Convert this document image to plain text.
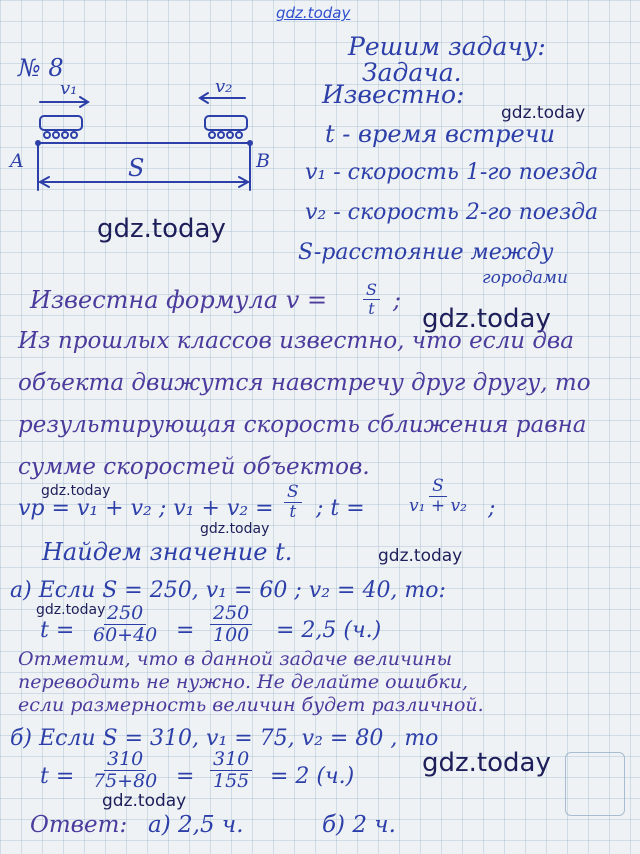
gdz.today
gdz.today
gdz.today
gdz.today
gdz.today
gdz.today
gdz.today
gdz.today
gdz.today
gdz.today
№ 8
Решим задачу:
Задача.
v₁	v₂
A	B
S
Известно:
t - время встречи
v₁ - скорость 1-го поезда
v₂ - скорость 2-го поезда
S-расстояние между
городами
Известна формула $v = \frac{S}{t}$ ;
Из прошлых классов известно, что если два
объекта движутся навстречу друг другу, то
результирующая скорость сближения равна
сумме скоростей объектов.
vр = v₁ + v₂ ; $v_1 + v_2 = \frac{S}{t}$ ; $t = \frac{S}{\text{v₁ + v₂}}$ ;
Найдем значение t.
а) Если S = 250, v₁ = 60 ; v₂ = 40, то:
$t = \frac{250}{60+40} = \frac{250}{100} = 2,5$ (ч.)
Отметим, что в данной задаче величины
переводить не нужно. Не делайте ошибки,
если размерность величин будет различной.
б) Если S = 310, v₁ = 75, v₂ = 80 , то
$t = \frac{310}{75+80} = \frac{310}{155} = 2$ (ч.)
Ответ: а) 2,5 ч.	б) 2 ч.
